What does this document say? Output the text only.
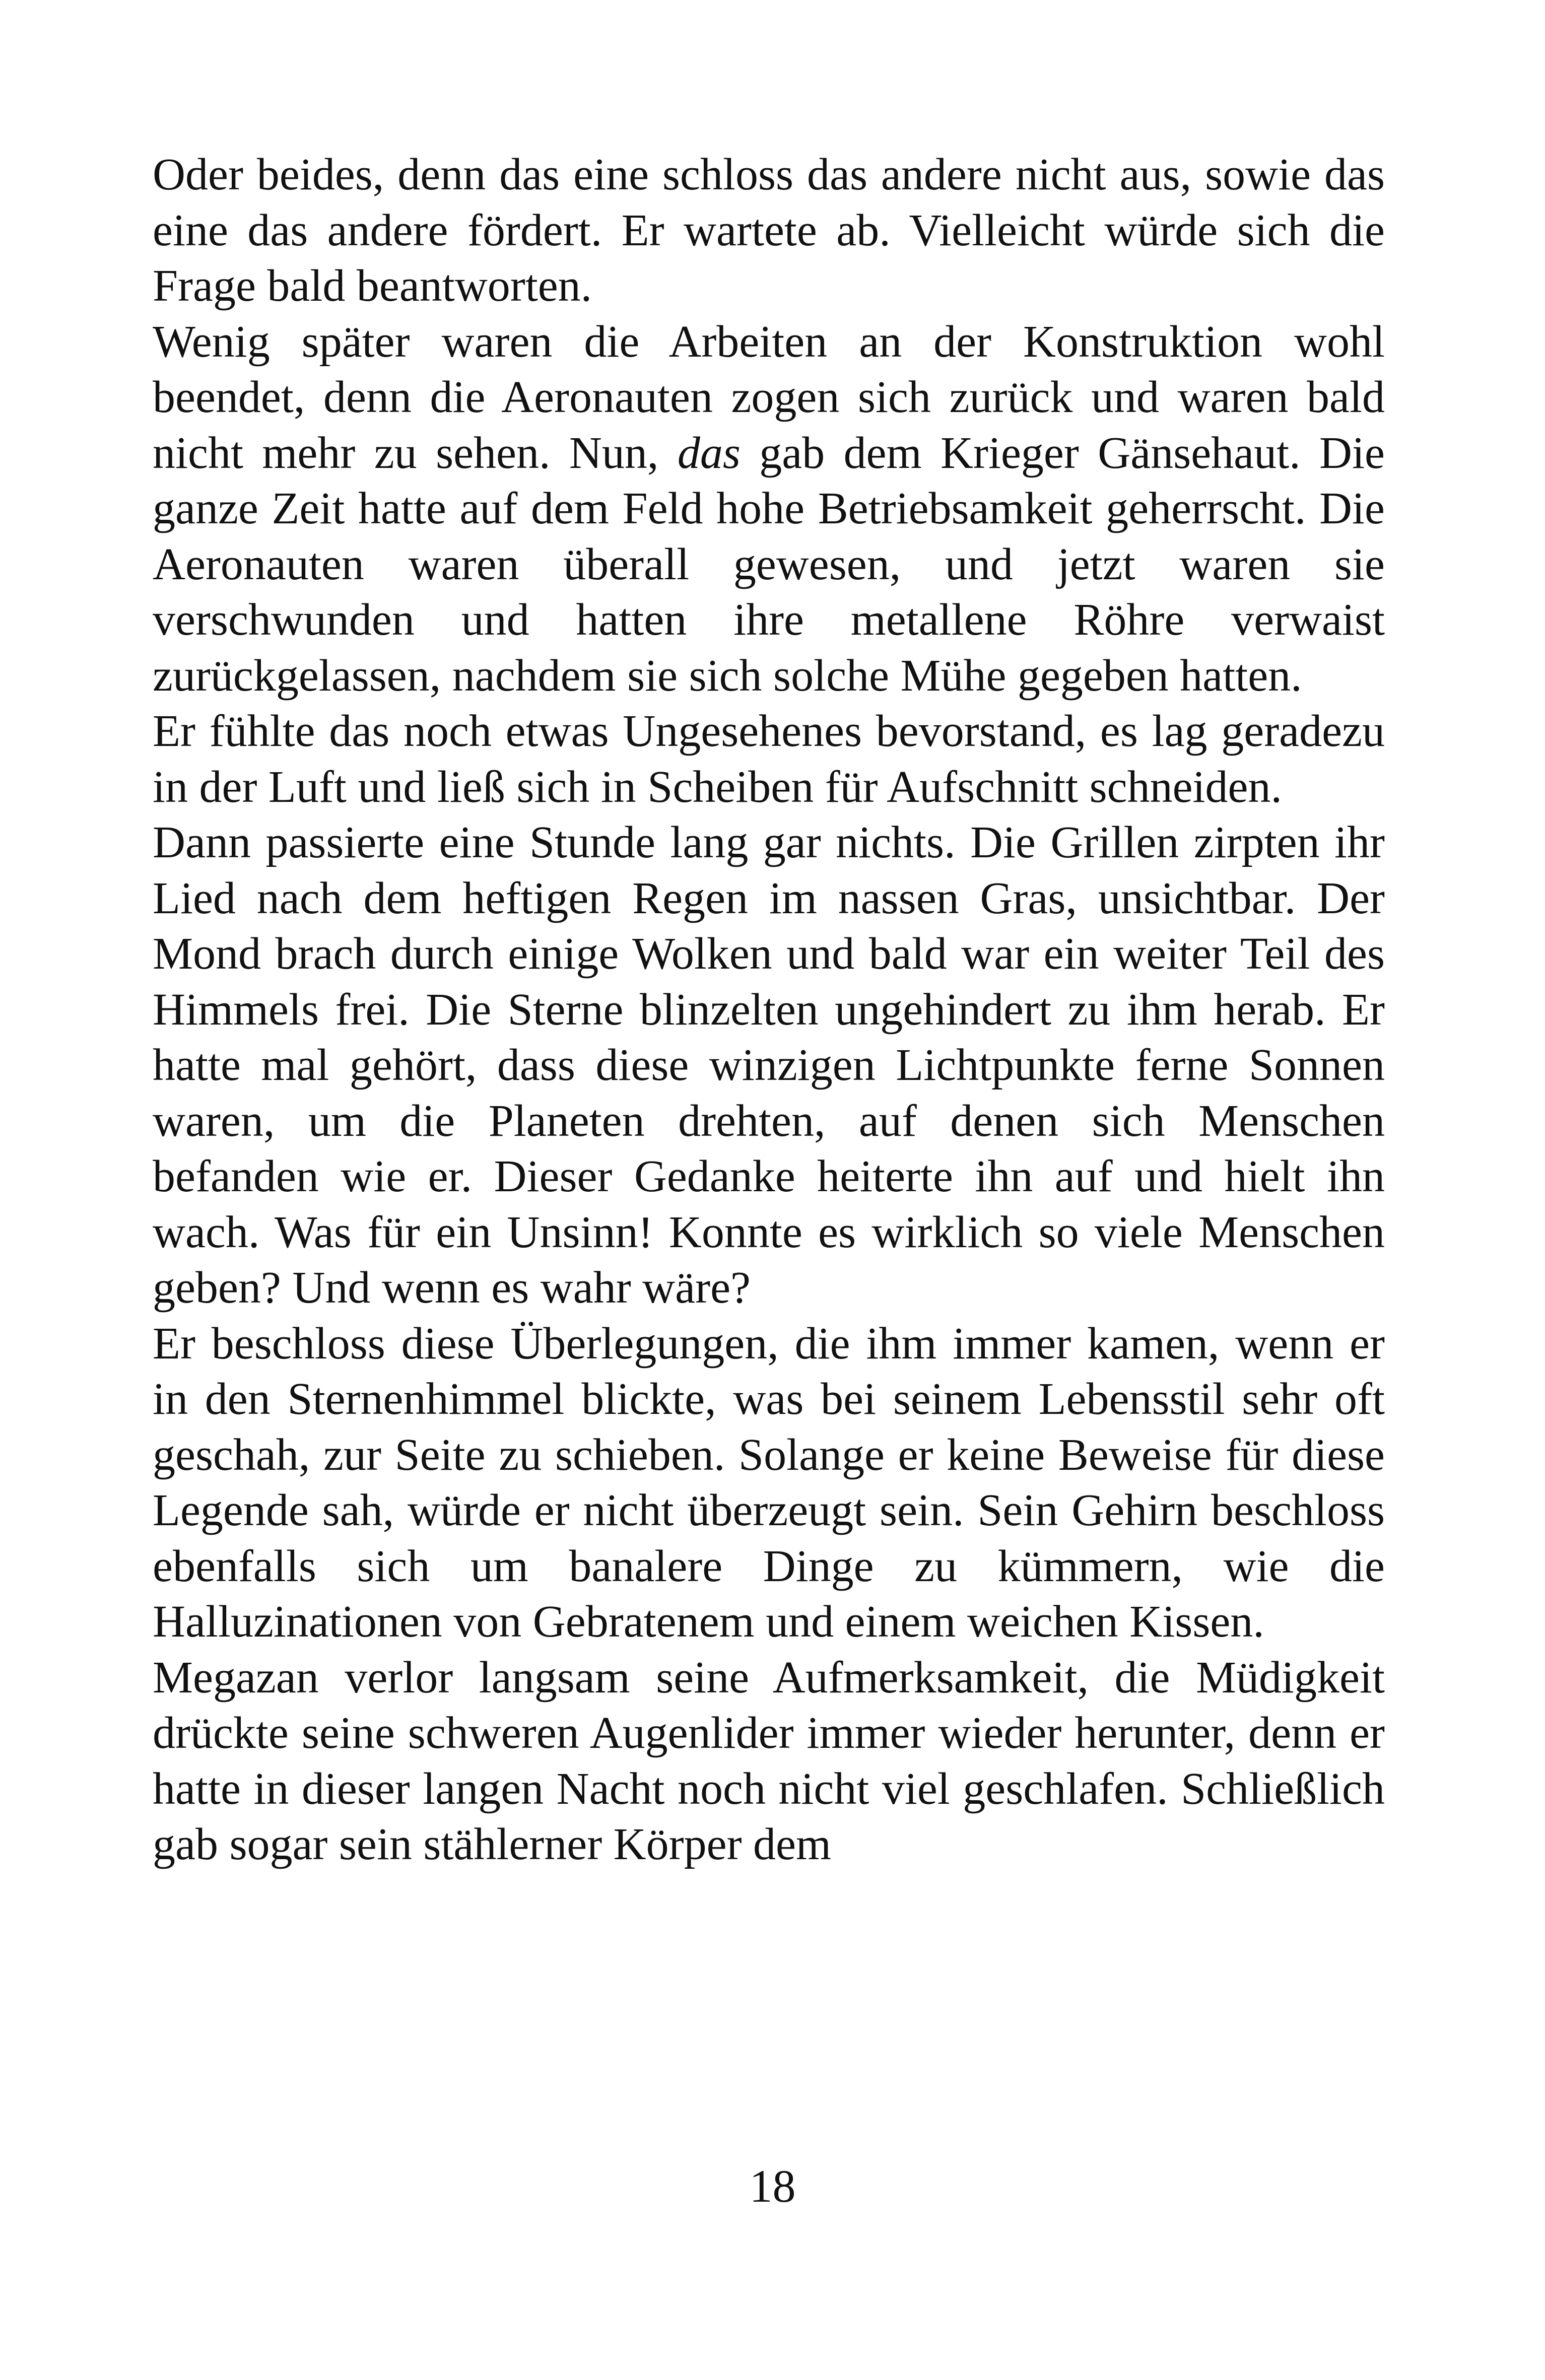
Oder beides, denn das eine schloss das andere nicht aus, sowie das eine das andere fördert. Er wartete ab. Vielleicht würde sich die Frage bald beantworten.

Wenig später waren die Arbeiten an der Konstruktion wohl beendet, denn die Aeronauten zogen sich zurück und waren bald nicht mehr zu sehen. Nun, das gab dem Krieger Gänsehaut. Die ganze Zeit hatte auf dem Feld hohe Betriebsamkeit geherrscht. Die Aeronauten waren überall gewesen, und jetzt waren sie verschwunden und hatten ihre metallene Röhre verwaist zurückgelassen, nachdem sie sich solche Mühe gegeben hatten.

Er fühlte das noch etwas Ungesehenes bevorstand, es lag geradezu in der Luft und ließ sich in Scheiben für Aufschnitt schneiden.

Dann passierte eine Stunde lang gar nichts. Die Grillen zirpten ihr Lied nach dem heftigen Regen im nassen Gras, unsichtbar. Der Mond brach durch einige Wolken und bald war ein weiter Teil des Himmels frei. Die Sterne blinzelten ungehindert zu ihm herab. Er hatte mal gehört, dass diese winzigen Lichtpunkte ferne Sonnen waren, um die Planeten drehten, auf denen sich Menschen befanden wie er. Dieser Gedanke heiterte ihn auf und hielt ihn wach. Was für ein Unsinn! Konnte es wirklich so viele Menschen geben? Und wenn es wahr wäre?

Er beschloss diese Überlegungen, die ihm immer kamen, wenn er in den Sternenhimmel blickte, was bei seinem Lebensstil sehr oft geschah, zur Seite zu schieben. Solange er keine Beweise für diese Legende sah, würde er nicht überzeugt sein. Sein Gehirn beschloss ebenfalls sich um banalere Dinge zu kümmern, wie die Halluzinationen von Gebratenem und einem weichen Kissen.

Megazan verlor langsam seine Aufmerksamkeit, die Müdigkeit drückte seine schweren Augenlider immer wieder herunter, denn er hatte in dieser langen Nacht noch nicht viel geschlafen. Schließlich gab sogar sein stählerner Körper dem

18
